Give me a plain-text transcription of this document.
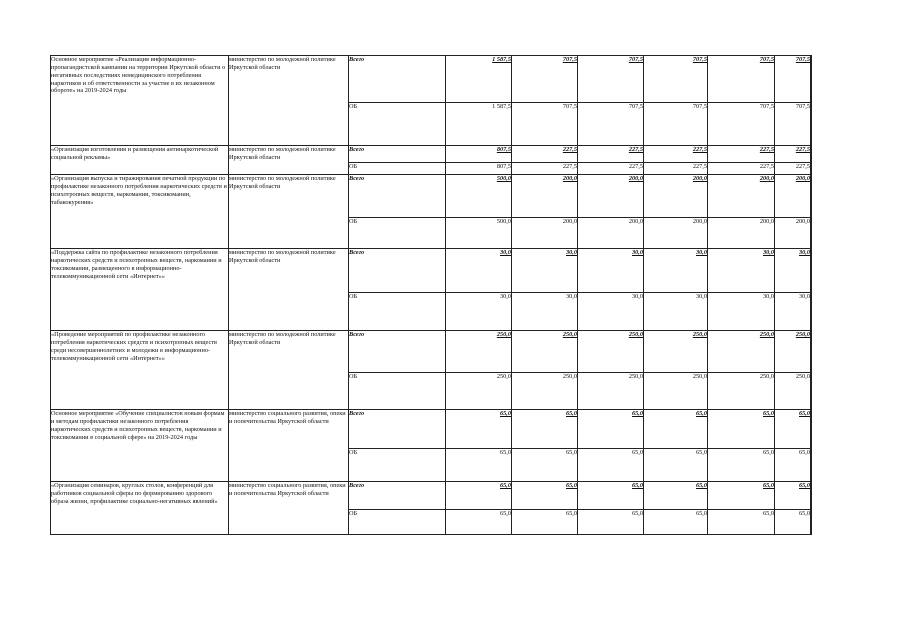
Основное мероприятие «Реализация информационно-пропагандистской кампании на территории Иркутской области о негативных последствиях немедицинского потребления наркотиков и об ответственности за участие в их незаконном обороте» на 2019-2024 годы	министерство по молодежной политике Иркутской области	Всего	1 587,5	707,5	707,5	707,5	707,5	707,5	
		ОБ	1 587,5	707,5	707,5	707,5	707,5	707,5	
«Организация изготовления и размещения антинаркотической социальной рекламы»	министерство по молодежной политике Иркутской области	Всего	807,5	227,5	227,5	227,5	227,5	227,5	
		ОБ	807,5	227,5	227,5	227,5	227,5	227,5	
«Организация выпуска и тиражирования печатной продукции по профилактике незаконного потребления наркотических средств и психотропных веществ, наркомании, токсикомании, табакокурения»	министерство по молодежной политике Иркутской области	Всего	500,0	200,0	200,0	200,0	200,0	200,0	
		ОБ	500,0	200,0	200,0	200,0	200,0	200,0	
«Поддержка сайта по профилактике незаконного потребления наркотических средств и психотропных веществ, наркомании и токсикомании, размещенного в информационно-телекоммуникационной сети «Интернет»»	министерство по молодежной политике Иркутской области	Всего	30,0	30,0	30,0	30,0	30,0	30,0	
		ОБ	30,0	30,0	30,0	30,0	30,0	30,0	
«Проведение мероприятий по профилактике незаконного потребления наркотических средств и психотропных веществ среди несовершеннолетних и молодежи в информационно-телекоммуникационной сети «Интернет»»	министерство по молодежной политике Иркутской области	Всего	250,0	250,0	250,0	250,0	250,0	250,0	
		ОБ	250,0	250,0	250,0	250,0	250,0	250,0	
Основное мероприятие «Обучение специалистов новым формам и методам профилактики незаконного потребления наркотических средств и психотропных веществ, наркомании и токсикомании в социальной сфере» на 2019-2024 годы	министерство социального развития, опеки и попечительства Иркутской области	Всего	65,0	65,0	65,0	65,0	65,0	65,0	
		ОБ	65,0	65,0	65,0	65,0	65,0	65,0	
«Организация семинаров, круглых столов, конференций для работников социальной сферы по формированию здорового образа жизни, профилактике социально-негативных явлений»	министерство социального развития, опеки и попечительства Иркутской области	Всего	65,0	65,0	65,0	65,0	65,0	65,0	
		ОБ	65,0	65,0	65,0	65,0	65,0	65,0	
